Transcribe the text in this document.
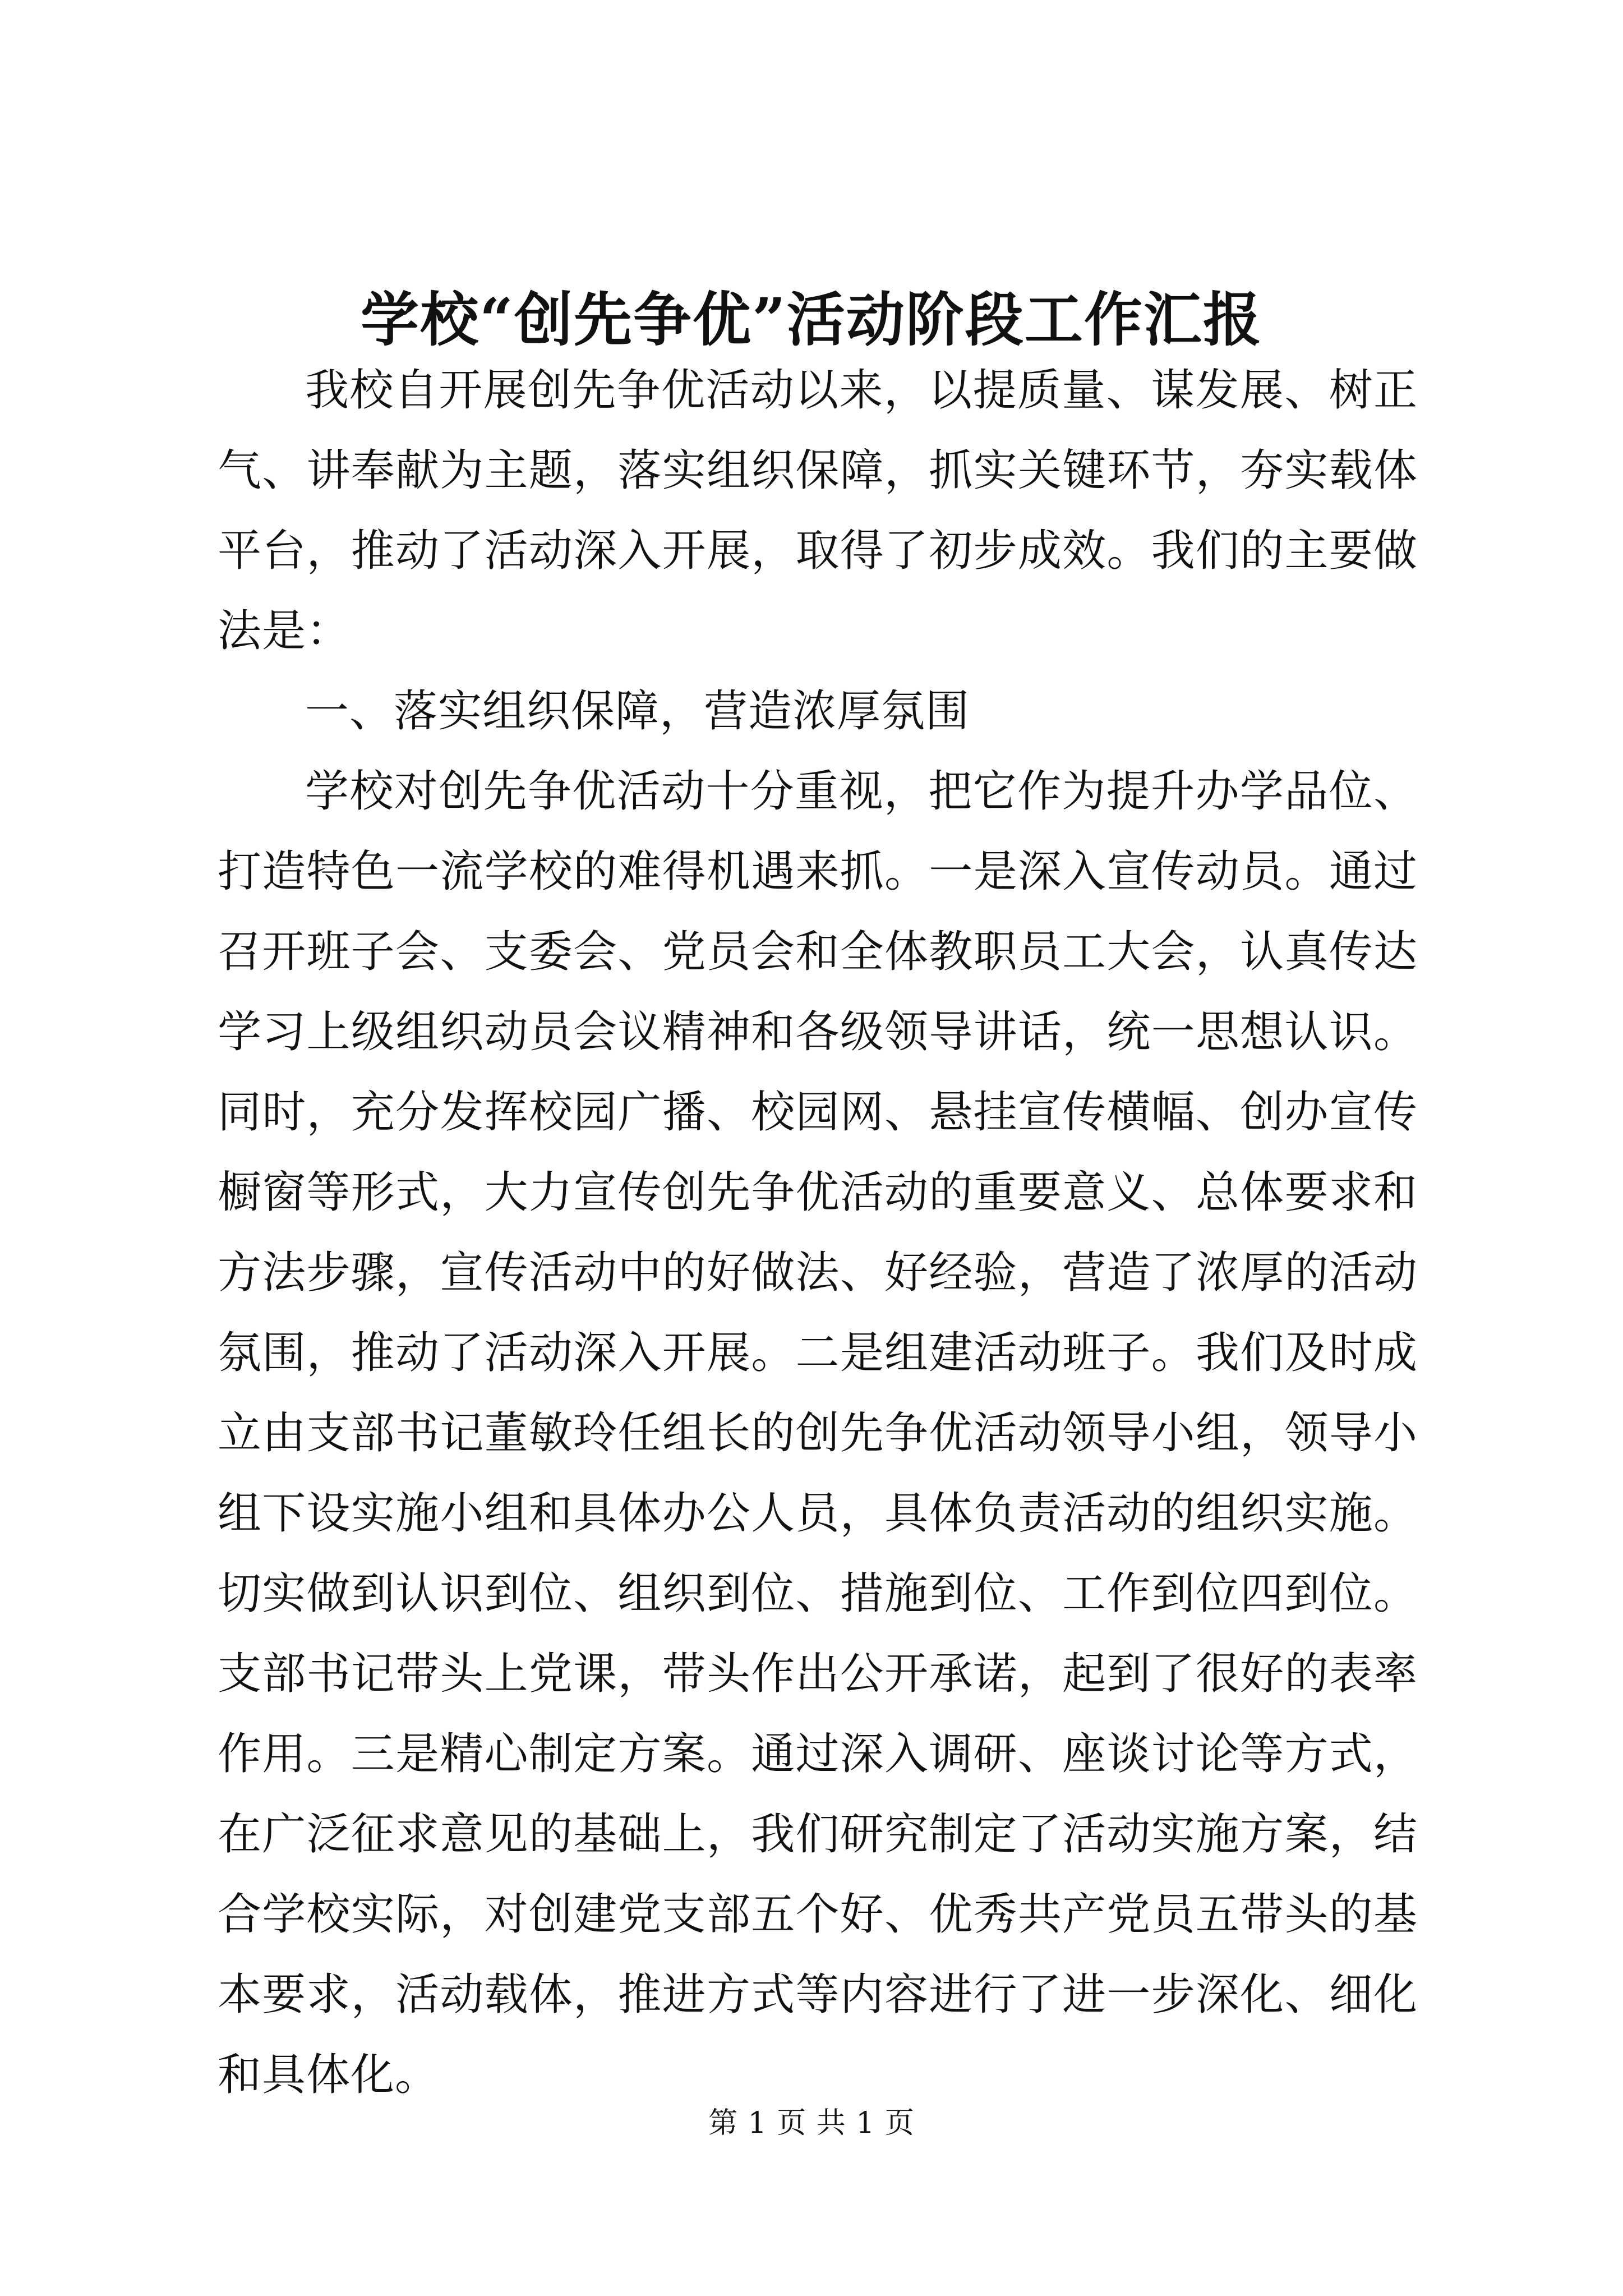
学校“创先争优”活动阶段工作汇报

我校自开展创先争优活动以来，以提质量、谋发展、树正气、讲奉献为主题，落实组织保障，抓实关键环节，夯实载体平台，推动了活动深入开展，取得了初步成效。我们的主要做法是：

一、落实组织保障，营造浓厚氛围

学校对创先争优活动十分重视，把它作为提升办学品位、打造特色一流学校的难得机遇来抓。一是深入宣传动员。通过召开班子会、支委会、党员会和全体教职员工大会，认真传达学习上级组织动员会议精神和各级领导讲话，统一思想认识。同时，充分发挥校园广播、校园网、悬挂宣传横幅、创办宣传橱窗等形式，大力宣传创先争优活动的重要意义、总体要求和方法步骤，宣传活动中的好做法、好经验，营造了浓厚的活动氛围，推动了活动深入开展。二是组建活动班子。我们及时成立由支部书记董敏玲任组长的创先争优活动领导小组，领导小组下设实施小组和具体办公人员，具体负责活动的组织实施。切实做到认识到位、组织到位、措施到位、工作到位四到位。支部书记带头上党课，带头作出公开承诺，起到了很好的表率作用。三是精心制定方案。通过深入调研、座谈讨论等方式，在广泛征求意见的基础上，我们研究制定了活动实施方案，结合学校实际，对创建党支部五个好、优秀共产党员五带头的基本要求，活动载体，推进方式等内容进行了进一步深化、细化和具体化。

第 1 页 共 1 页
